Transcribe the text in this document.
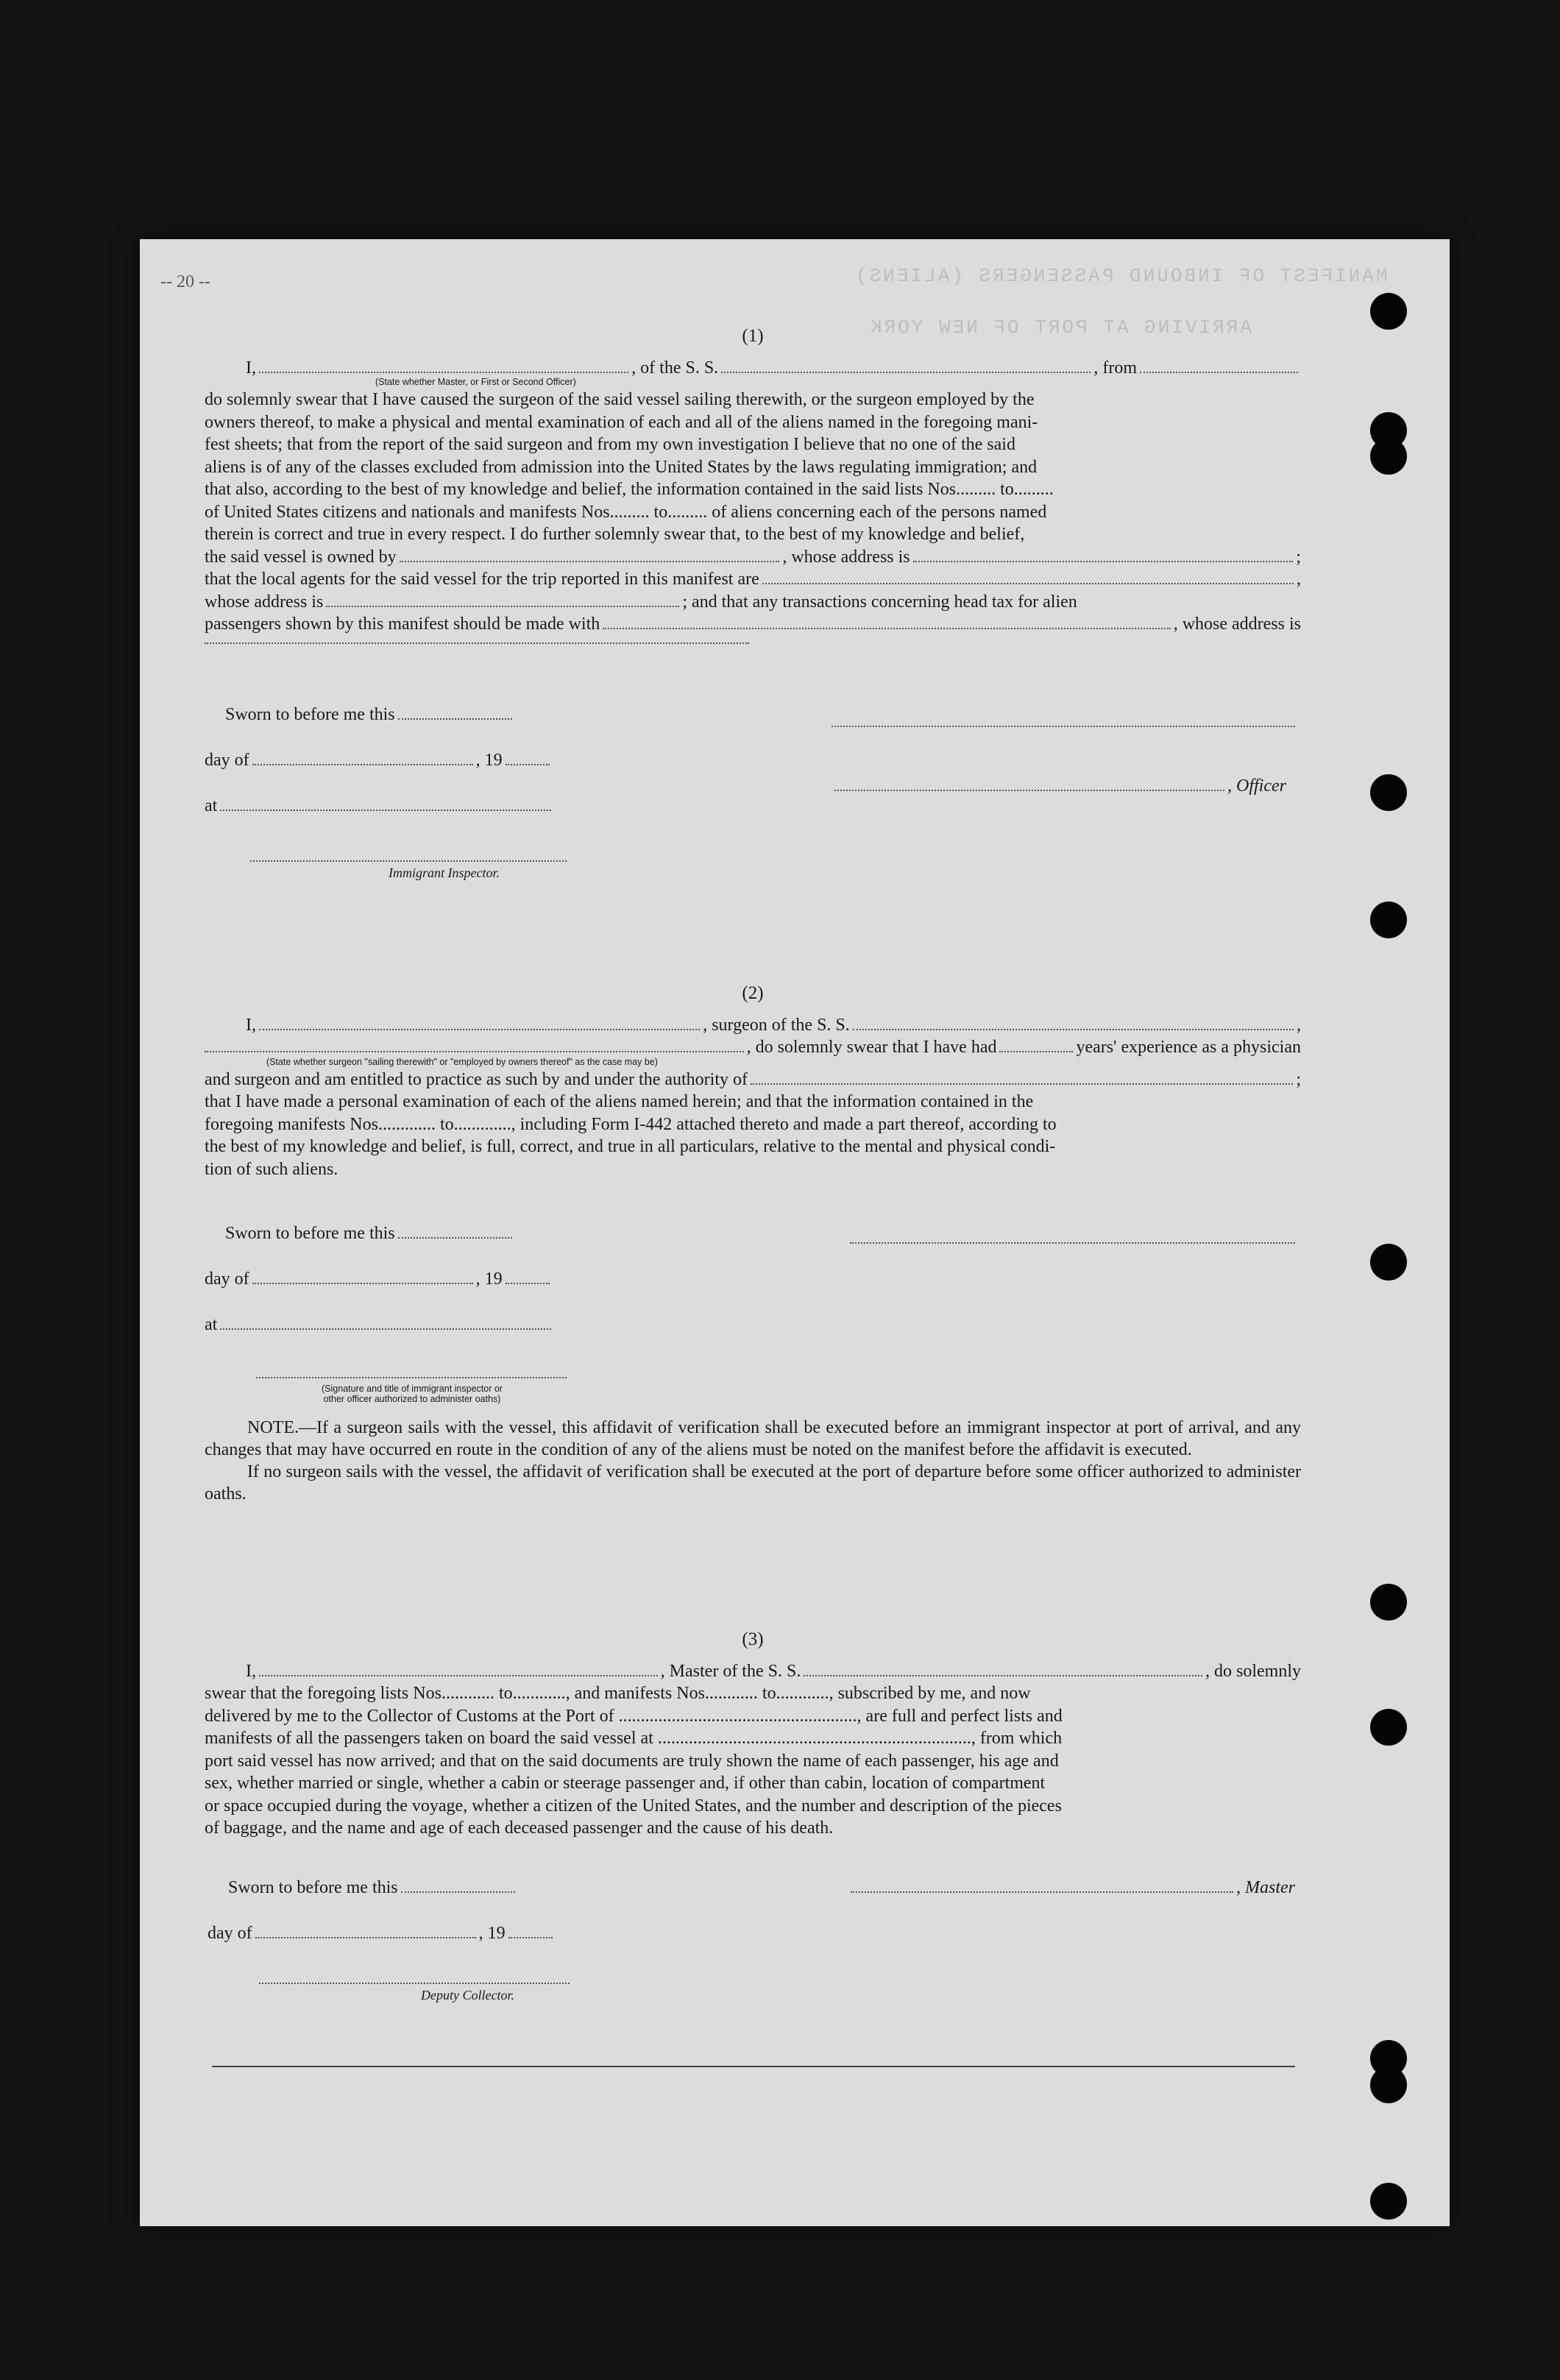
MANIFEST OF INBOUND PASSENGERS (ALIENS)
ARRIVING AT PORT OF NEW YORK
-- 20 --
(1)
I,	, of the S. S.	, from
(State whether Master, or First or Second Officer)
do solemnly swear that I have caused the surgeon of the said vessel sailing therewith, or the surgeon employed by the
owners thereof, to make a physical and mental examination of each and all of the aliens named in the foregoing mani-
fest sheets; that from the report of the said surgeon and from my own investigation I believe that no one of the said
aliens is of any of the classes excluded from admission into the United States by the laws regulating immigration; and
that also, according to the best of my knowledge and belief, the information contained in the said lists Nos......... to.........
of United States citizens and nationals and manifests Nos......... to......... of aliens concerning each of the persons named
therein is correct and true in every respect. I do further solemnly swear that, to the best of my knowledge and belief,
the said vessel is owned by	, whose address is	;
that the local agents for the said vessel for the trip reported in this manifest are	,
whose address is	; and that any transactions concerning head tax for alien
passengers shown by this manifest should be made with	, whose address is
Sworn to before me this
day of	, 19
at
Immigrant Inspector.
, Officer
(2)
I,	, surgeon of the S. S.	,
, do solemnly swear that I have had	years' experience as a physician
(State whether surgeon "sailing therewith" or "employed by owners thereof" as the case may be)
and surgeon and am entitled to practice as such by and under the authority of	;
that I have made a personal examination of each of the aliens named herein; and that the information contained in the
foregoing manifests Nos............. to............., including Form I-442 attached thereto and made a part thereof, according to
the best of my knowledge and belief, is full, correct, and true in all particulars, relative to the mental and physical condi-
tion of such aliens.
Sworn to before me this
day of	, 19
at
(Signature and title of immigrant inspector or
other officer authorized to administer oaths)
NOTE.—If a surgeon sails with the vessel, this affidavit of verification shall be executed before an immigrant inspector at port of arrival, and any changes that may have occurred en route in the condition of any of the aliens must be noted on the manifest before the affidavit is executed.
If no surgeon sails with the vessel, the affidavit of verification shall be executed at the port of departure before some officer authorized to administer oaths.
(3)
I,	, Master of the S. S.	, do solemnly
swear that the foregoing lists Nos............ to............, and manifests Nos............ to............, subscribed by me, and now
delivered by me to the Collector of Customs at the Port of ......................................................, are full and perfect lists and
manifests of all the passengers taken on board the said vessel at ......................................................................., from which
port said vessel has now arrived; and that on the said documents are truly shown the name of each passenger, his age and
sex, whether married or single, whether a cabin or steerage passenger and, if other than cabin, location of compartment
or space occupied during the voyage, whether a citizen of the United States, and the number and description of the pieces
of baggage, and the name and age of each deceased passenger and the cause of his death.
Sworn to before me this	, Master
day of	, 19
Deputy Collector.
